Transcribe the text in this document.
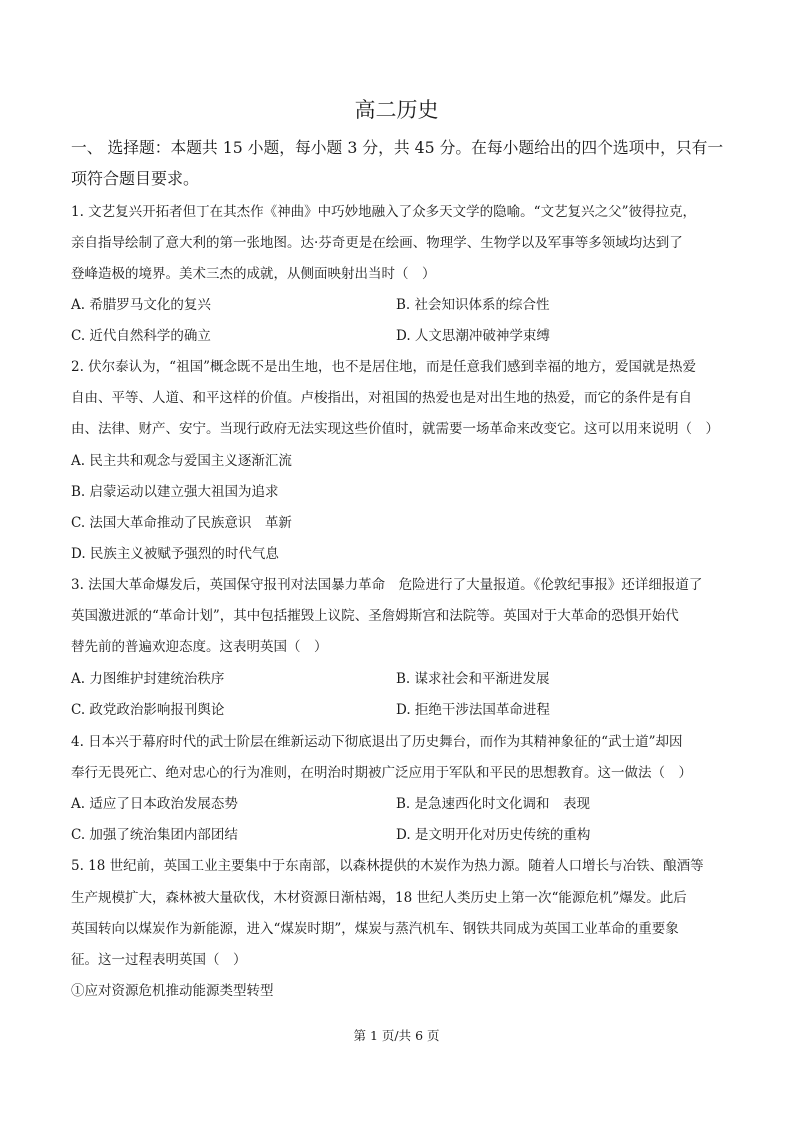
高二历史
一、 选择题：本题共 15 小题，每小题 3 分，共 45 分。在每小题给出的四个选项中，只有一
项符合题目要求。
1. 文艺复兴开拓者但丁在其杰作《神曲》中巧妙地融入了众多天文学的隐喻。“文艺复兴之父”彼得拉克，
亲自指导绘制了意大利的第一张地图。达·芬奇更是在绘画、物理学、生物学以及军事等多领域均达到了
登峰造极的境界。美术三杰的成就，从侧面映射出当时（　）
A. 希腊罗马文化的复兴	B. 社会知识体系的综合性
C. 近代自然科学的确立	D. 人文思潮冲破神学束缚
2. 伏尔泰认为，“祖国”概念既不是出生地，也不是居住地，而是任意我们感到幸福的地方，爱国就是热爱
自由、平等、人道、和平这样的价值。卢梭指出，对祖国的热爱也是对出生地的热爱，而它的条件是有自
由、法律、财产、安宁。当现行政府无法实现这些价值时，就需要一场革命来改变它。这可以用来说明（　）
A. 民主共和观念与爱国主义逐渐汇流
B. 启蒙运动以建立强大祖国为追求
C. 法国大革命推动了民族意识　革新
D. 民族主义被赋予强烈的时代气息
3. 法国大革命爆发后，英国保守报刊对法国暴力革命　危险进行了大量报道。《伦敦纪事报》还详细报道了
英国激进派的“革命计划”，其中包括摧毁上议院、圣詹姆斯宫和法院等。英国对于大革命的恐惧开始代
替先前的普遍欢迎态度。这表明英国（　）
A. 力图维护封建统治秩序	B. 谋求社会和平渐进发展
C. 政党政治影响报刊舆论	D. 拒绝干涉法国革命进程
4. 日本兴于幕府时代的武士阶层在维新运动下彻底退出了历史舞台，而作为其精神象征的“武士道”却因
奉行无畏死亡、绝对忠心的行为准则，在明治时期被广泛应用于军队和平民的思想教育。这一做法（　）
A. 适应了日本政治发展态势	B. 是急速西化时文化调和　表现
C. 加强了统治集团内部团结	D. 是文明开化对历史传统的重构
5. 18 世纪前，英国工业主要集中于东南部，以森林提供的木炭作为热力源。随着人口增长与冶铁、酿酒等
生产规模扩大，森林被大量砍伐，木材资源日渐枯竭，18 世纪人类历史上第一次“能源危机”爆发。此后
英国转向以煤炭作为新能源，进入“煤炭时期”，煤炭与蒸汽机车、钢铁共同成为英国工业革命的重要象
征。这一过程表明英国（　）
①应对资源危机推动能源类型转型
第 1 页/共 6 页
